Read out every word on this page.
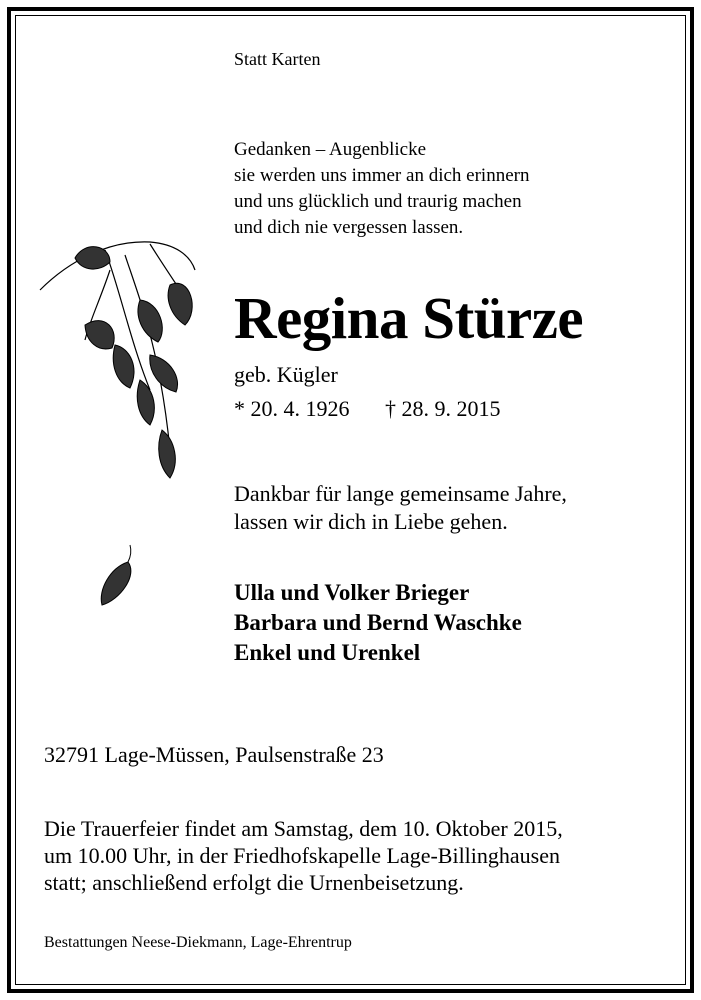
Statt Karten

Gedanken – Augenblicke
sie werden uns immer an dich erinnern
und uns glücklich und traurig machen
und dich nie vergessen lassen.

Regina Stürze

geb. Kügler

* 20. 4. 1926 † 28. 9. 2015

Dankbar für lange gemeinsame Jahre,
lassen wir dich in Liebe gehen.
Ulla und Volker Brieger
Barbara und Bernd Waschke
Enkel und Urenkel

32791 Lage-Müssen, Paulsenstraße 23

Die Trauerfeier findet am Samstag, dem 10. Oktober 2015,
um 10.00 Uhr, in der Friedhofskapelle Lage-Billinghausen
statt; anschließend erfolgt die Urnenbeisetzung.

Bestattungen Neese-Diekmann, Lage-Ehrentrup
